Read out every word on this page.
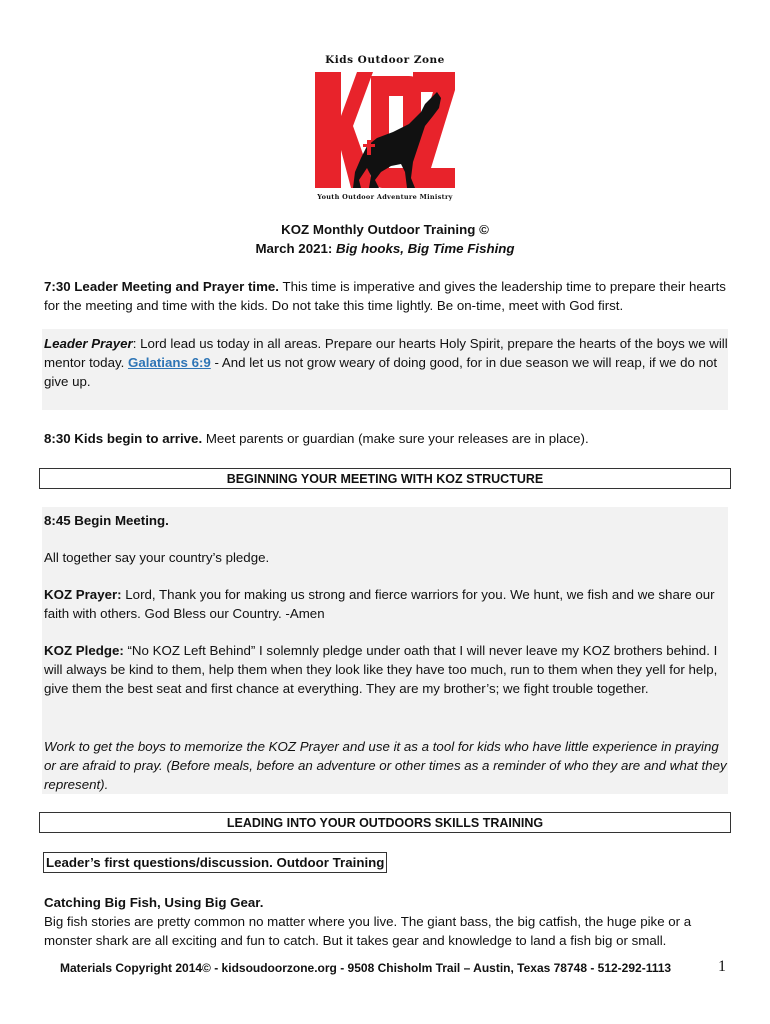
Kids Outdoor Zone
Youth Outdoor Adventure Ministry
KOZ Monthly Outdoor Training ©
March 2021: Big hooks, Big Time Fishing
7:30 Leader Meeting and Prayer time. This time is imperative and gives the leadership time to prepare their hearts for the meeting and time with the kids. Do not take this time lightly. Be on-time, meet with God first.
Leader Prayer: Lord lead us today in all areas. Prepare our hearts Holy Spirit, prepare the hearts of the boys we will mentor today. Galatians 6:9 - And let us not grow weary of doing good, for in due season we will reap, if we do not give up.
8:30 Kids begin to arrive. Meet parents or guardian (make sure your releases are in place).
BEGINNING YOUR MEETING WITH KOZ STRUCTURE
8:45 Begin Meeting.
All together say your country’s pledge.
KOZ Prayer: Lord, Thank you for making us strong and fierce warriors for you. We hunt, we fish and we share our faith with others. God Bless our Country. -Amen
KOZ Pledge: “No KOZ Left Behind” I solemnly pledge under oath that I will never leave my KOZ brothers behind. I will always be kind to them, help them when they look like they have too much, run to them when they yell for help, give them the best seat and first chance at everything. They are my brother’s; we fight trouble together.
Work to get the boys to memorize the KOZ Prayer and use it as a tool for kids who have little experience in praying or are afraid to pray. (Before meals, before an adventure or other times as a reminder of who they are and what they represent).
LEADING INTO YOUR OUTDOORS SKILLS TRAINING
Leader’s first questions/discussion. Outdoor Training
Catching Big Fish, Using Big Gear.
Big fish stories are pretty common no matter where you live. The giant bass, the big catfish, the huge pike or a monster shark are all exciting and fun to catch. But it takes gear and knowledge to land a fish big or small.
Materials Copyright 2014© - kidsoudoorzone.org - 9508 Chisholm Trail – Austin, Texas 78748 - 512-292-1113	1
